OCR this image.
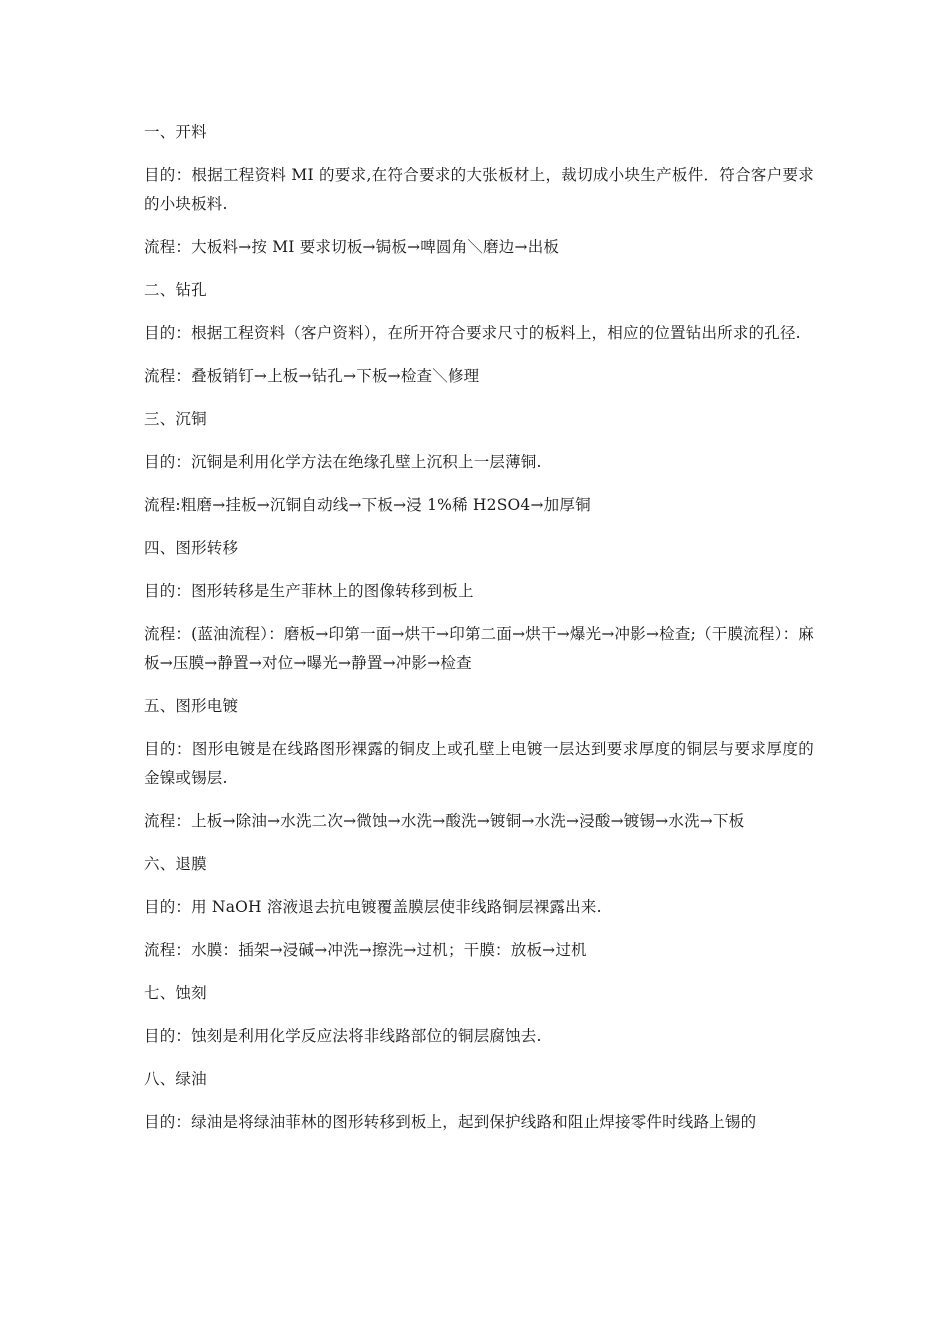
一、开料

目的：根据工程资料 MI 的要求,在符合要求的大张板材上，裁切成小块生产板件．符合客户要求的小块板料.

流程：大板料→按 MI 要求切板→锔板→啤圆角＼磨边→出板

二、钻孔

目的：根据工程资料（客户资料），在所开符合要求尺寸的板料上，相应的位置钻出所求的孔径.

流程：叠板销钉→上板→钻孔→下板→检查＼修理

三、沉铜

目的：沉铜是利用化学方法在绝缘孔壁上沉积上一层薄铜.

流程:粗磨→挂板→沉铜自动线→下板→浸 1%稀 H2SO4→加厚铜

四、图形转移

目的：图形转移是生产菲林上的图像转移到板上

流程：(蓝油流程）：磨板→印第一面→烘干→印第二面→烘干→爆光→冲影→检查;（干膜流程）：麻板→压膜→静置→对位→曝光→静置→冲影→检查

五、图形电镀

目的：图形电镀是在线路图形裸露的铜皮上或孔壁上电镀一层达到要求厚度的铜层与要求厚度的金镍或锡层.

流程：上板→除油→水洗二次→微蚀→水洗→酸洗→镀铜→水洗→浸酸→镀锡→水洗→下板

六、退膜

目的：用 NaOH 溶液退去抗电镀覆盖膜层使非线路铜层裸露出来.

流程：水膜：插架→浸碱→冲洗→擦洗→过机；干膜：放板→过机

七、蚀刻

目的：蚀刻是利用化学反应法将非线路部位的铜层腐蚀去.

八、绿油

目的：绿油是将绿油菲林的图形转移到板上，起到保护线路和阻止焊接零件时线路上锡的
